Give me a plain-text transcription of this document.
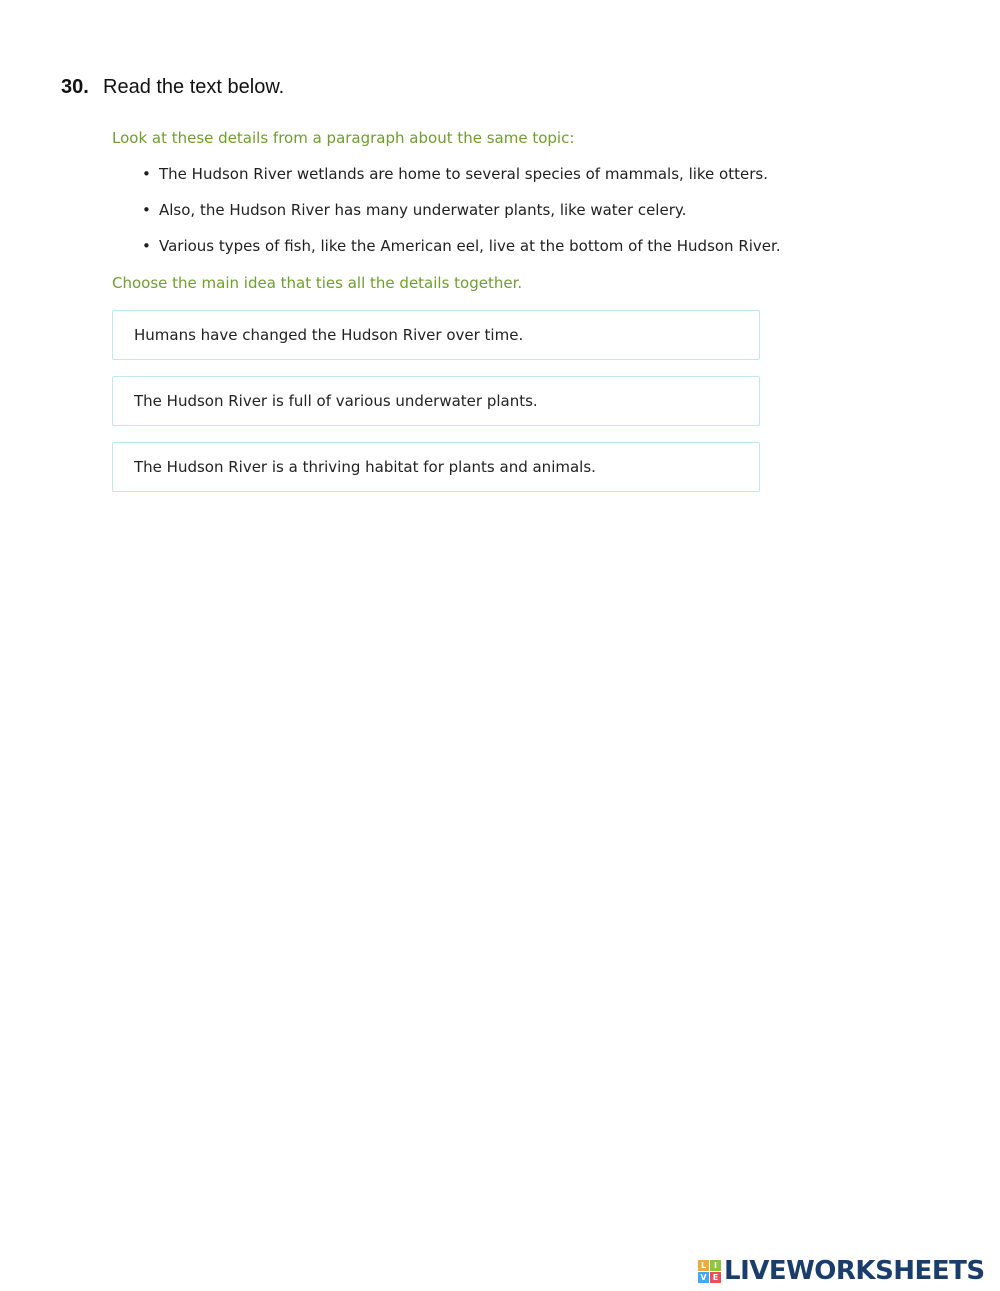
30. Read the text below.
Look at these details from a paragraph about the same topic:
• The Hudson River wetlands are home to several species of mammals, like otters.
• Also, the Hudson River has many underwater plants, like water celery.
• Various types of fish, like the American eel, live at the bottom of the Hudson River.
Choose the main idea that ties all the details together.
Humans have changed the Hudson River over time.
The Hudson River is full of various underwater plants.
The Hudson River is a thriving habitat for plants and animals.
L I
V E LIVEWORKSHEETS
